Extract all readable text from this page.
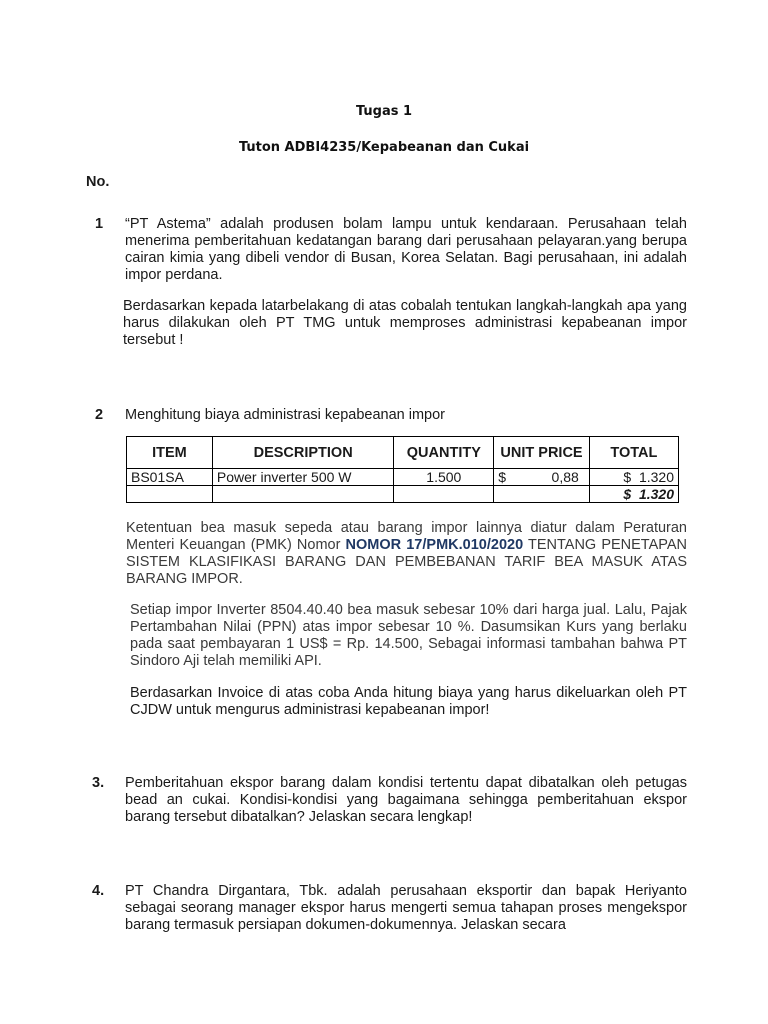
Tugas 1
Tuton ADBI4235/Kepabeanan dan Cukai
No.
1 “PT Astema” adalah produsen bolam lampu untuk kendaraan. Perusahaan telah menerima pemberitahuan kedatangan barang dari perusahaan pelayaran.yang berupa cairan kimia yang dibeli vendor di Busan, Korea Selatan. Bagi perusahaan, ini adalah impor perdana.
Berdasarkan kepada latarbelakang di atas cobalah tentukan langkah-langkah apa yang harus dilakukan oleh PT TMG untuk memproses administrasi kepabeanan impor tersebut !
2 Menghitung biaya administrasi kepabeanan impor
ITEM	DESCRIPTION	QUANTITY	UNIT PRICE	TOTAL
BS01SA	Power inverter 500 W	1.500	$ 0,88	$  1.320
				$  1.320
Ketentuan bea masuk sepeda atau barang impor lainnya diatur dalam Peraturan Menteri Keuangan (PMK) Nomor NOMOR 17/PMK.010/2020 TENTANG PENETAPAN SISTEM KLASIFIKASI BARANG DAN PEMBEBANAN TARIF BEA MASUK ATAS BARANG IMPOR.
Setiap impor Inverter 8504.40.40 bea masuk sebesar 10% dari harga jual. Lalu, Pajak Pertambahan Nilai (PPN) atas impor sebesar 10 %. Dasumsikan Kurs yang berlaku pada saat pembayaran 1 US$ = Rp. 14.500, Sebagai informasi tambahan bahwa PT Sindoro Aji telah memiliki API.
Berdasarkan Invoice di atas coba Anda hitung biaya yang harus dikeluarkan oleh PT CJDW untuk mengurus administrasi kepabeanan impor!
3. Pemberitahuan ekspor barang dalam kondisi tertentu dapat dibatalkan oleh petugas bead an cukai. Kondisi-kondisi yang bagaimana sehingga pemberitahuan ekspor barang tersebut dibatalkan? Jelaskan secara lengkap!
4. PT Chandra Dirgantara, Tbk. adalah perusahaan eksportir dan bapak Heriyanto sebagai seorang manager ekspor harus mengerti semua tahapan proses mengekspor barang termasuk persiapan dokumen-dokumennya. Jelaskan secara
